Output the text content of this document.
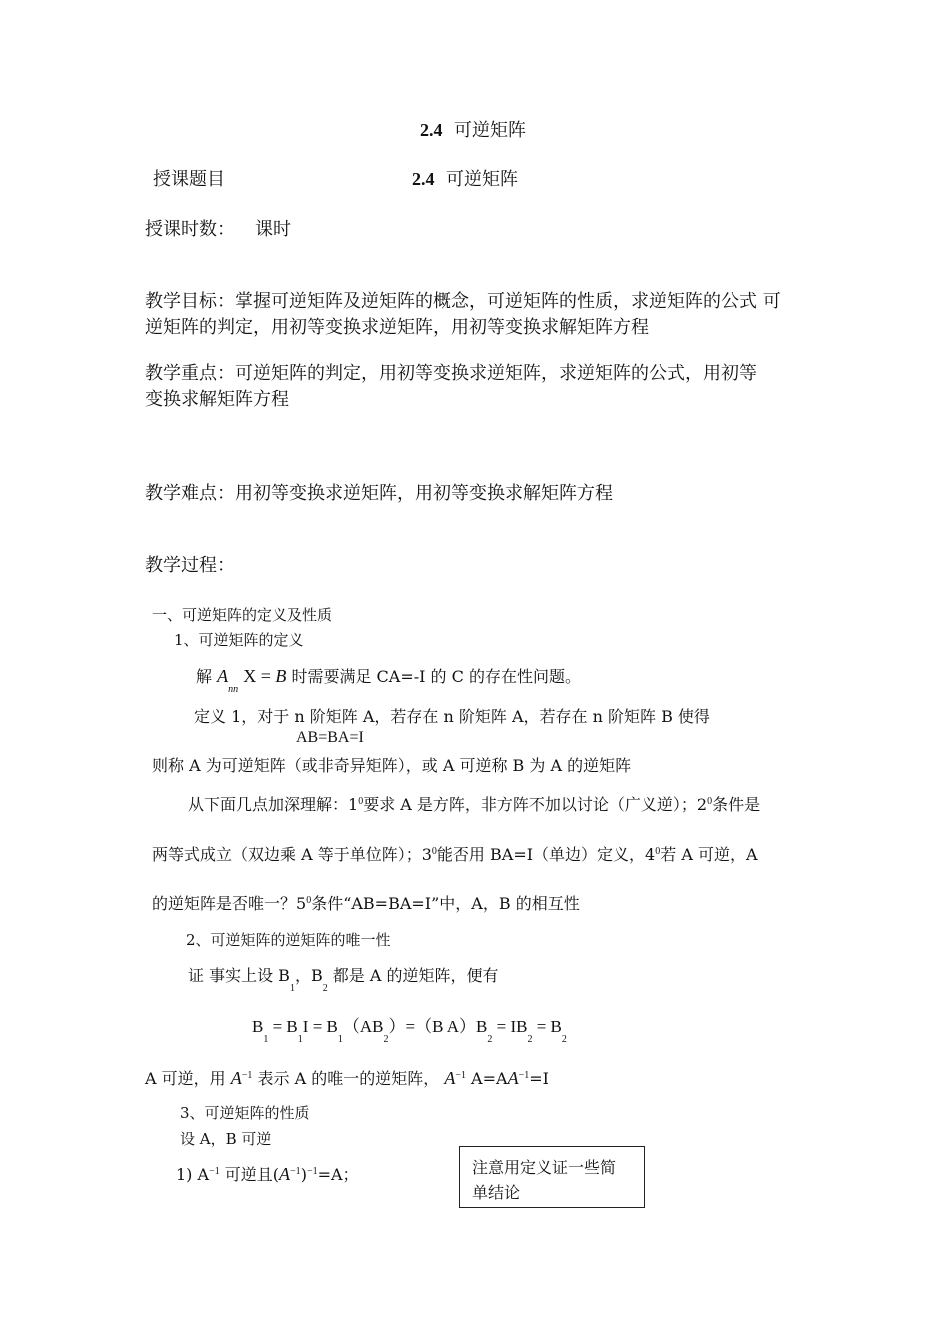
2.4 可逆矩阵
授课题目	2.4 可逆矩阵
授课时数： 课时
教学目标：掌握可逆矩阵及逆矩阵的概念，可逆矩阵的性质，求逆矩阵的公式 可
逆矩阵的判定，用初等变换求逆矩阵，用初等变换求解矩阵方程
教学重点：可逆矩阵的判定，用初等变换求逆矩阵，求逆矩阵的公式，用初等
变换求解矩阵方程
教学难点：用初等变换求逆矩阵，用初等变换求解矩阵方程
教学过程：
一、可逆矩阵的定义及性质
1、可逆矩阵的定义
解 $A_{nn}$ X = B 时需要满足 CA=-I 的 C 的存在性问题。
定义 1，对于 n 阶矩阵 A，若存在 n 阶矩阵 A，若存在 n 阶矩阵 B 使得
AB=BA=I
则称 A 为可逆矩阵（或非奇异矩阵），或 A 可逆称 B 为 A 的逆矩阵
从下面几点加深理解：$1^0$要求 A 是方阵，非方阵不加以讨论（广义逆）；$2^0$条件是
两等式成立（双边乘 A 等于单位阵）；$3^0$能否用 BA=I（单边）定义，$4^0$若 A 可逆，A
的逆矩阵是否唯一？$5^0$条件“AB=BA=I”中，A，B 的相互性
2、可逆矩阵的逆矩阵的唯一性
证 事实上设 $B_1$，$B_2$ 都是 A 的逆矩阵，便有
$B_1 = B_1I = B_1(AB_2)=(B$ $A)B_2 = IB_2 = B_2$
A 可逆，用 $A^{-1}$ 表示 A 的唯一的逆矩阵， $A^{-1}$ $A=AA^{-1}=I$
3、可逆矩阵的性质
设 A，B 可逆
1) $A^{-1}$ 可逆且$(A^{-1})^{-1}=A$；	注意用定义证一些简
单结论
